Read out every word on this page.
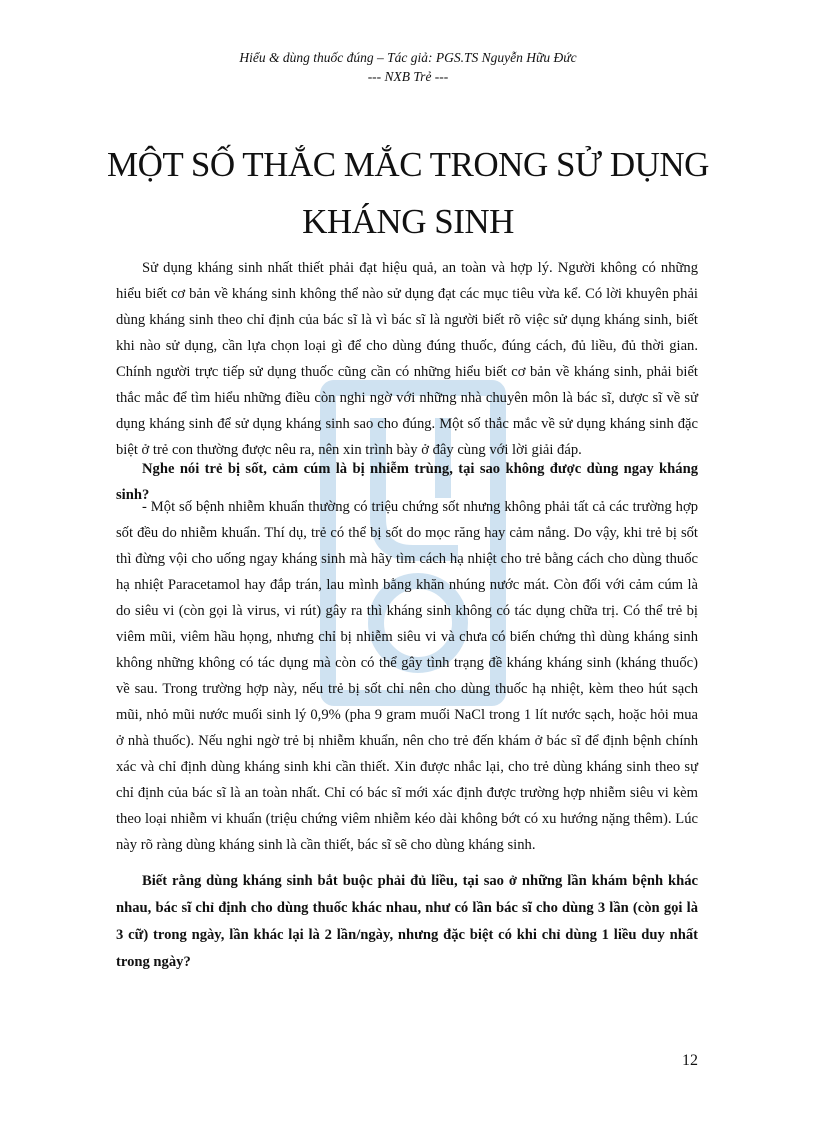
Hiểu & dùng thuốc đúng – Tác giả: PGS.TS Nguyễn Hữu Đức
--- NXB Trẻ ---
MỘT SỐ THẮC MẮC TRONG SỬ DỤNG
KHÁNG SINH

Sử dụng kháng sinh nhất thiết phải đạt hiệu quả, an toàn và hợp lý. Người không có những hiểu biết cơ bản về kháng sinh không thể nào sử dụng đạt các mục tiêu vừa kể. Có lời khuyên phải dùng kháng sinh theo chỉ định của bác sĩ là vì bác sĩ là người biết rõ việc sử dụng kháng sinh, biết khi nào sử dụng, cần lựa chọn loại gì để cho dùng đúng thuốc, đúng cách, đủ liều, đủ thời gian. Chính người trực tiếp sử dụng thuốc cũng cần có những hiểu biết cơ bản về kháng sinh, phải biết thắc mắc để tìm hiểu những điều còn nghi ngờ với những nhà chuyên môn là bác sĩ, dược sĩ về sử dụng kháng sinh để sử dụng kháng sinh sao cho đúng. Một số thắc mắc về sử dụng kháng sinh đặc biệt ở trẻ con thường được nêu ra, nên xin trình bày ở đây cùng với lời giải đáp.

Nghe nói trẻ bị sốt, cảm cúm là bị nhiễm trùng, tại sao không được dùng ngay kháng sinh?

- Một số bệnh nhiễm khuẩn thường có triệu chứng sốt nhưng không phải tất cả các trường hợp sốt đều do nhiễm khuẩn. Thí dụ, trẻ có thể bị sốt do mọc răng hay cảm nắng. Do vậy, khi trẻ bị sốt thì đừng vội cho uống ngay kháng sinh mà hãy tìm cách hạ nhiệt cho trẻ bằng cách cho dùng thuốc hạ nhiệt Paracetamol hay đắp trán, lau mình bằng khăn nhúng nước mát. Còn đối với cảm cúm là do siêu vi (còn gọi là virus, vi rút) gây ra thì kháng sinh không có tác dụng chữa trị. Có thể trẻ bị viêm mũi, viêm hầu họng, nhưng chỉ bị nhiễm siêu vi và chưa có biến chứng thì dùng kháng sinh không những không có tác dụng mà còn có thể gây tình trạng đề kháng kháng sinh (kháng thuốc) về sau. Trong trường hợp này, nếu trẻ bị sốt chỉ nên cho dùng thuốc hạ nhiệt, kèm theo hút sạch mũi, nhỏ mũi nước muối sinh lý 0,9% (pha 9 gram muối NaCl trong 1 lít nước sạch, hoặc hỏi mua ở nhà thuốc). Nếu nghi ngờ trẻ bị nhiễm khuẩn, nên cho trẻ đến khám ở bác sĩ để định bệnh chính xác và chỉ định dùng kháng sinh khi cần thiết. Xin được nhắc lại, cho trẻ dùng kháng sinh theo sự chỉ định của bác sĩ là an toàn nhất. Chỉ có bác sĩ mới xác định được trường hợp nhiễm siêu vi kèm theo loại nhiễm vi khuẩn (triệu chứng viêm nhiễm kéo dài không bớt có xu hướng nặng thêm). Lúc này rõ ràng dùng kháng sinh là cần thiết, bác sĩ sẽ cho dùng kháng sinh.

Biết rằng dùng kháng sinh bắt buộc phải đủ liều, tại sao ở những lần khám bệnh khác nhau, bác sĩ chỉ định cho dùng thuốc khác nhau, như có lần bác sĩ cho dùng 3 lần (còn gọi là 3 cữ) trong ngày, lần khác lại là 2 lần/ngày, nhưng đặc biệt có khi chỉ dùng 1 liều duy nhất trong ngày?

12
